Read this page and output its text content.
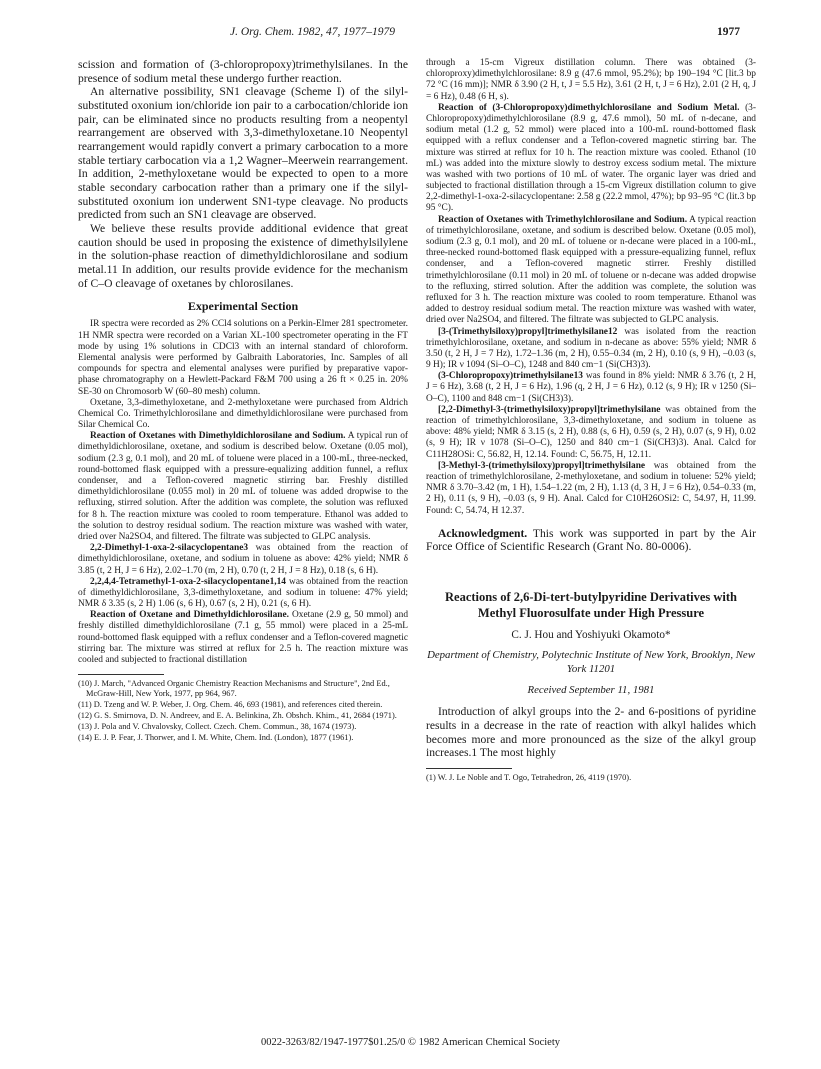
J. Org. Chem. 1982, 47, 1977–1979	1977

scission and formation of (3-chloropropoxy)trimethylsilanes. In the presence of sodium metal these undergo further reaction.

An alternative possibility, SN1 cleavage (Scheme I) of the silyl-substituted oxonium ion/chloride ion pair to a carbocation/chloride ion pair, can be eliminated since no products resulting from a neopentyl rearrangement are observed with 3,3-dimethyloxetane.10 Neopentyl rearrangement would rapidly convert a primary carbocation to a more stable tertiary carbocation via a 1,2 Wagner–Meerwein rearrangement. In addition, 2-methyloxetane would be expected to open to a more stable secondary carbocation rather than a primary one if the silyl-substituted oxonium ion underwent SN1-type cleavage. No products predicted from such an SN1 cleavage are observed.

We believe these results provide additional evidence that great caution should be used in proposing the existence of dimethylsilylene in the solution-phase reaction of dimethyldichlorosilane and sodium metal.11 In addition, our results provide evidence for the mechanism of C–O cleavage of oxetanes by chlorosilanes.

Experimental Section

IR spectra were recorded as 2% CCl4 solutions on a Perkin-Elmer 281 spectrometer. 1H NMR spectra were recorded on a Varian XL-100 spectrometer operating in the FT mode by using 1% solutions in CDCl3 with an internal standard of chloroform. Elemental analysis were performed by Galbraith Laboratories, Inc. Samples of all compounds for spectra and elemental analyses were purified by preparative vapor-phase chromatography on a Hewlett-Packard F&M 700 using a 26 ft × 0.25 in. 20% SE-30 on Chromosorb W (60–80 mesh) column.

Oxetane, 3,3-dimethyloxetane, and 2-methyloxetane were purchased from Aldrich Chemical Co. Trimethylchlorosilane and dimethyldichlorosilane were purchased from Silar Chemical Co.

Reaction of Oxetanes with Dimethyldichlorosilane and Sodium. A typical run of dimethyldichlorosilane, oxetane, and sodium is described below. Oxetane (0.05 mol), sodium (2.3 g, 0.1 mol), and 20 mL of toluene were placed in a 100-mL, three-necked, round-bottomed flask equipped with a pressure-equalizing addition funnel, a reflux condenser, and a Teflon-covered magnetic stirring bar. Freshly distilled dimethyldichlorosilane (0.055 mol) in 20 mL of toluene was added dropwise to the refluxing, stirred solution. After the addition was complete, the solution was refluxed for 8 h. The reaction mixture was cooled to room temperature. Ethanol was added to the solution to destroy residual sodium. The reaction mixture was washed with water, dried over Na2SO4, and filtered. The filtrate was subjected to GLPC analysis.

2,2-Dimethyl-1-oxa-2-silacyclopentane3 was obtained from the reaction of dimethyldichlorosilane, oxetane, and sodium in toluene as above: 42% yield; NMR δ 3.85 (t, 2 H, J = 6 Hz), 2.02–1.70 (m, 2 H), 0.70 (t, 2 H, J = 8 Hz), 0.18 (s, 6 H).

2,2,4,4-Tetramethyl-1-oxa-2-silacyclopentane1,14 was obtained from the reaction of dimethyldichlorosilane, 3,3-dimethyloxetane, and sodium in toluene: 47% yield; NMR δ 3.35 (s, 2 H) 1.06 (s, 6 H), 0.67 (s, 2 H), 0.21 (s, 6 H).

Reaction of Oxetane and Dimethyldichlorosilane. Oxetane (2.9 g, 50 mmol) and freshly distilled dimethyldichlorosilane (7.1 g, 55 mmol) were placed in a 25-mL round-bottomed flask equipped with a reflux condenser and a Teflon-covered magnetic stirring bar. The mixture was stirred at reflux for 2.5 h. The reaction mixture was cooled and subjected to fractional distillation

(10) J. March, "Advanced Organic Chemistry Reaction Mechanisms and Structure", 2nd Ed., McGraw-Hill, New York, 1977, pp 964, 967.

(11) D. Tzeng and W. P. Weber, J. Org. Chem. 46, 693 (1981), and references cited therein.

(12) G. S. Smirnova, D. N. Andreev, and E. A. Belinkina, Zh. Obshch. Khim., 41, 2684 (1971).

(13) J. Pola and V. Chvalovsky, Collect. Czech. Chem. Commun., 38, 1674 (1973).

(14) E. J. P. Fear, J. Thorwer, and I. M. White, Chem. Ind. (London), 1877 (1961).

through a 15-cm Vigreux distillation column. There was obtained (3-chloroproxy)dimethylchlorosilane: 8.9 g (47.6 mmol, 95.2%); bp 190–194 °C [lit.3 bp 72 °C (16 mm)]; NMR δ 3.90 (2 H, t, J = 5.5 Hz), 3.61 (2 H, t, J = 6 Hz), 2.01 (2 H, q, J = 6 Hz), 0.48 (6 H, s).

Reaction of (3-Chloropropoxy)dimethylchlorosilane and Sodium Metal. (3-Chloropropoxy)dimethylchlorosilane (8.9 g, 47.6 mmol), 50 mL of n-decane, and sodium metal (1.2 g, 52 mmol) were placed into a 100-mL round-bottomed flask equipped with a reflux condenser and a Teflon-covered magnetic stirring bar. The mixture was stirred at reflux for 10 h. The reaction mixture was cooled. Ethanol (10 mL) was added into the mixture slowly to destroy excess sodium metal. The mixture was washed with two portions of 10 mL of water. The organic layer was dried and subjected to fractional distillation through a 15-cm Vigreux distillation column to give 2,2-dimethyl-1-oxa-2-silacyclopentane: 2.58 g (22.2 mmol, 47%); bp 93–95 °C (lit.3 bp 95 °C).

Reaction of Oxetanes with Trimethylchlorosilane and Sodium. A typical reaction of trimethylchlorosilane, oxetane, and sodium is described below. Oxetane (0.05 mol), sodium (2.3 g, 0.1 mol), and 20 mL of toluene or n-decane were placed in a 100-mL, three-necked round-bottomed flask equipped with a pressure-equalizing funnel, reflux condenser, and a Teflon-covered magnetic stirrer. Freshly distilled trimethylchlorosilane (0.11 mol) in 20 mL of toluene or n-decane was added dropwise to the refluxing, stirred solution. After the addition was complete, the solution was refluxed for 3 h. The reaction mixture was cooled to room temperature. Ethanol was added to destroy residual sodium metal. The reaction mixture was washed with water, dried over Na2SO4, and filtered. The filtrate was subjected to GLPC analysis.

[3-(Trimethylsiloxy)propyl]trimethylsilane12 was isolated from the reaction trimethylchlorosilane, oxetane, and sodium in n-decane as above: 55% yield; NMR δ 3.50 (t, 2 H, J = 7 Hz), 1.72–1.36 (m, 2 H), 0.55–0.34 (m, 2 H), 0.10 (s, 9 H), –0.03 (s, 9 H); IR ν 1094 (Si–O–C), 1248 and 840 cm−1 (Si(CH3)3).

(3-Chloropropoxy)trimethylsilane13 was found in 8% yield: NMR δ 3.76 (t, 2 H, J = 6 Hz), 3.68 (t, 2 H, J = 6 Hz), 1.96 (q, 2 H, J = 6 Hz), 0.12 (s, 9 H); IR ν 1250 (Si–O–C), 1100 and 848 cm−1 (Si(CH3)3).

[2,2-Dimethyl-3-(trimethylsiloxy)propyl]trimethylsilane was obtained from the reaction of trimethylchlorosilane, 3,3-dimethyloxetane, and sodium in toluene as above: 48% yield; NMR δ 3.15 (s, 2 H), 0.88 (s, 6 H), 0.59 (s, 2 H), 0.07 (s, 9 H), 0.02 (s, 9 H); IR ν 1078 (Si–O–C), 1250 and 840 cm−1 (Si(CH3)3). Anal. Calcd for C11H28OSi: C, 56.82, H, 12.14. Found: C, 56.75, H, 12.11.

[3-Methyl-3-(trimethylsiloxy)propyl]trimethylsilane was obtained from the reaction of trimethylchlorosilane, 2-methyloxetane, and sodium in toluene: 52% yield; NMR δ 3.70–3.42 (m, 1 H), 1.54–1.22 (m, 2 H), 1.13 (d, 3 H, J = 6 Hz), 0.54–0.33 (m, 2 H), 0.11 (s, 9 H), –0.03 (s, 9 H). Anal. Calcd for C10H26OSi2: C, 54.97, H, 11.99. Found: C, 54.74, H 12.37.

Acknowledgment. This work was supported in part by the Air Force Office of Scientific Research (Grant No. 80-0006).

Reactions of 2,6-Di-tert-butylpyridine Derivatives with Methyl Fluorosulfate under High Pressure
C. J. Hou and Yoshiyuki Okamoto*
Department of Chemistry, Polytechnic Institute of New York, Brooklyn, New York 11201
Received September 11, 1981

Introduction of alkyl groups into the 2- and 6-positions of pyridine results in a decrease in the rate of reaction with alkyl halides which becomes more and more pronounced as the size of the alkyl group increases.1 The most highly

(1) W. J. Le Noble and T. Ogo, Tetrahedron, 26, 4119 (1970).

0022-3263/82/1947-1977$01.25/0 © 1982 American Chemical Society
